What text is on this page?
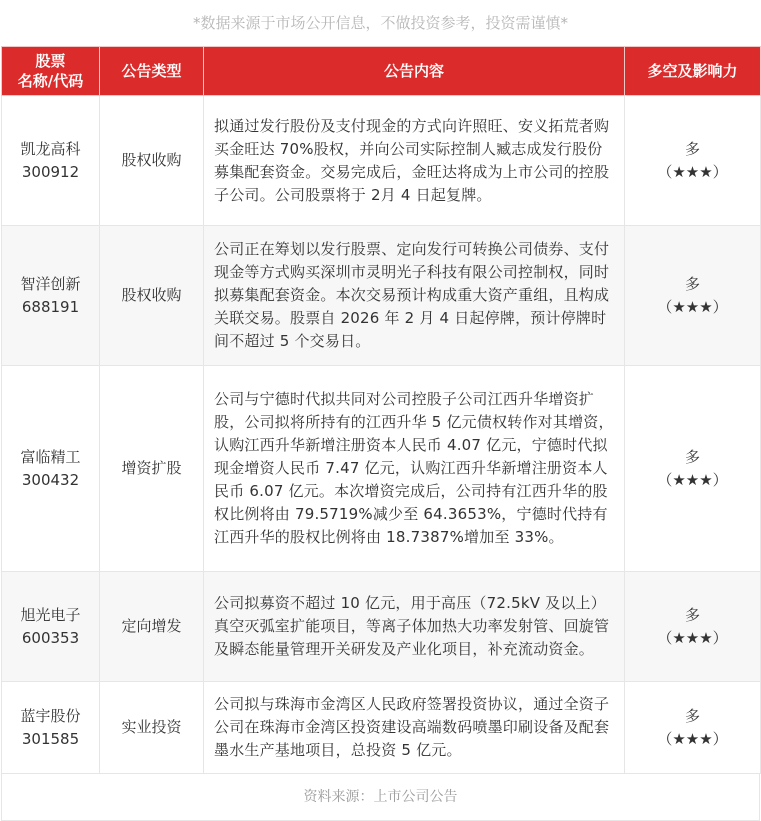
*数据来源于市场公开信息，不做投资参考，投资需谨慎*
股票
名称/代码	公告类型	公告内容	多空及影响力

凯龙高科
300912	股权收购	拟通过发行股份及支付现金的方式向许照旺、安义拓荒者购买金旺达 70%股权，并向公司实际控制人臧志成发行股份募集配套资金。交易完成后，金旺达将成为上市公司的控股子公司。公司股票将于 2月 4 日起复牌。	多
（★★★）

智洋创新
688191	股权收购	公司正在筹划以发行股票、定向发行可转换公司债券、支付现金等方式购买深圳市灵明光子科技有限公司控制权，同时拟募集配套资金。本次交易预计构成重大资产重组，且构成关联交易。股票自 2026 年 2 月 4 日起停牌，预计停牌时间不超过 5 个交易日。	多
（★★★）

富临精工
300432	增资扩股	公司与宁德时代拟共同对公司控股子公司江西升华增资扩股，公司拟将所持有的江西升华 5 亿元债权转作对其增资，认购江西升华新增注册资本人民币 4.07 亿元，宁德时代拟现金增资人民币 7.47 亿元，认购江西升华新增注册资本人民币 6.07 亿元。本次增资完成后，公司持有江西升华的股权比例将由 79.5719%减少至 64.3653%，宁德时代持有江西升华的股权比例将由 18.7387%增加至 33%。	多
（★★★）

旭光电子
600353	定向增发	公司拟募资不超过 10 亿元，用于高压（72.5kV 及以上）真空灭弧室扩能项目，等离子体加热大功率发射管、回旋管及瞬态能量管理开关研发及产业化项目，补充流动资金。	多
（★★★）

蓝宇股份
301585	实业投资	公司拟与珠海市金湾区人民政府签署投资协议，通过全资子公司在珠海市金湾区投资建设高端数码喷墨印刷设备及配套墨水生产基地项目，总投资 5 亿元。	多
（★★★）
资料来源：上市公司公告
